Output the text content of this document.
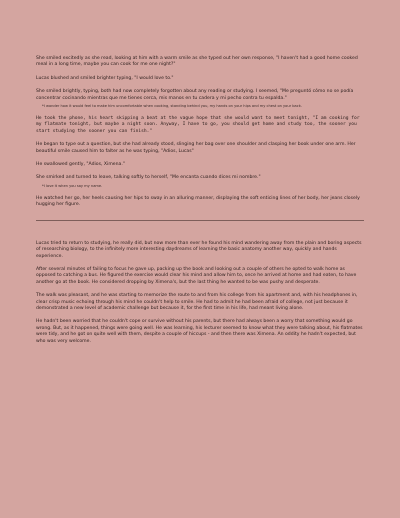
She smiled excitedly as she read, looking at him with a warm smile as she typed out her own response, "I haven't had a good home cooked meal in a long time, maybe you can cook for me one night?"

Lucas blushed and smiled brighter typing, "I would love to."

She smiled brightly, typing, both had now completely forgotten about any reading or studying. I seemed, "Me preguntó cómo no se podía concentrar cocinando mientras que me tienes cerca, mis manos en tu cadera y mi pecho contra tu espalda."

*I wonder how it would feel to make him uncomfortable when cooking, standing behind you, my hands on your hips and my chest on your back.

He took the phone, his heart skipping a beat at the vague hope that she would want to meet tonight, "I am cooking for my flatmate tonight, but maybe a night soon. Anyway, I have to go, you should get home and study too, the sooner you start studying the sooner you can finish."

He began to type out a question, but she had already stood, slinging her bag over one shoulder and clasping her book under one arm. Her beautiful smile caused him to falter as he was typing, "Adios, Lucas"

He swallowed gently, "Adios, Ximena."

She smirked and turned to leave, talking softly to herself, "Me encanta cuando dices mi nombre."

*I love it when you say my name.

He watched her go, her heels causing her hips to sway in an alluring manner, displaying the soft enticing lines of her body, her jeans closely hugging her figure.

Lucas tried to return to studying, he really did, but now more than ever he found his mind wandering away from the plain and boring aspects of researching biology, to the infinitely more interesting daydreams of learning the basic anatomy another way, quickly and hands experience.

After several minutes of failing to focus he gave up, packing up the book and looking out a couple of others he opted to walk home as opposed to catching a bus. He figured the exercise would clear his mind and allow him to, once he arrived at home and had eaten, to have another go at the book. He considered dropping by Ximena's, but the last thing he wanted to be was pushy and desperate.

The walk was pleasant, and he was starting to memorize the route to and from his college from his apartment and, with his headphones in, clear crisp music echoing through his mind he couldn't help to smile. He had to admit he had been afraid of college, not just because it demonstrated a new level of academic challenge but because it, for the first time in his life, had meant living alone.

He hadn't been worried that he couldn't cope or survive without his parents, but there had always been a worry that something would go wrong. But, as it happened, things were going well. He was learning, his lecturer seemed to know what they were talking about, his flatmates were tidy, and he got on quite well with them, despite a couple of hiccups - and then there was Ximena. An oddity he hadn't expected, but who was very welcome.
